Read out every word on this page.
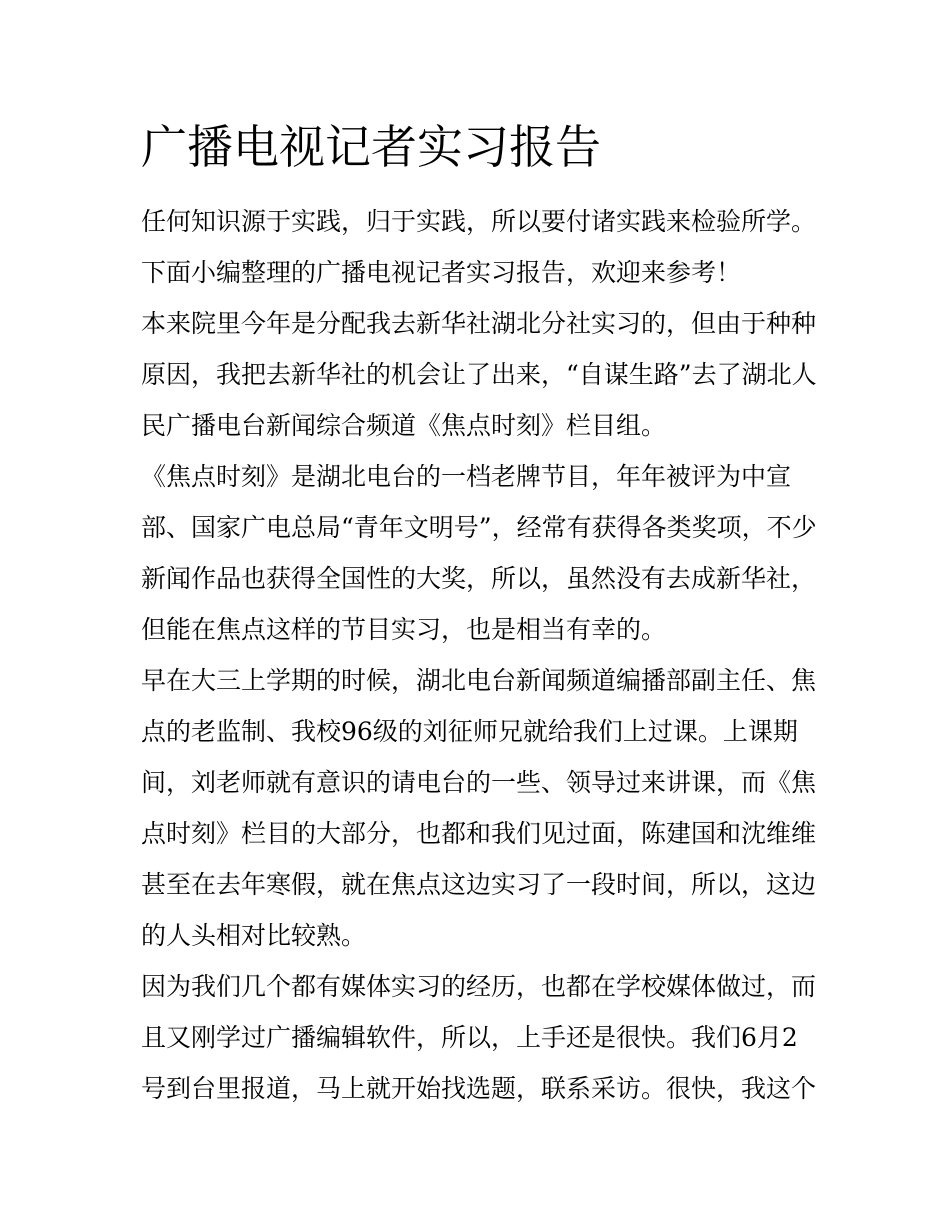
广播电视记者实习报告

任何知识源于实践，归于实践，所以要付诸实践来检验所学。

下面小编整理的广播电视记者实习报告，欢迎来参考！

本来院里今年是分配我去新华社湖北分社实习的，但由于种种

原因，我把去新华社的机会让了出来，“自谋生路”去了湖北人

民广播电台新闻综合频道《焦点时刻》栏目组。

《焦点时刻》是湖北电台的一档老牌节目，年年被评为中宣

部、国家广电总局“青年文明号”，经常有获得各类奖项，不少

新闻作品也获得全国性的大奖，所以，虽然没有去成新华社，

但能在焦点这样的节目实习，也是相当有幸的。

早在大三上学期的时候，湖北电台新闻频道编播部副主任、焦

点的老监制、我校96级的刘征师兄就给我们上过课。上课期

间，刘老师就有意识的请电台的一些、领导过来讲课，而《焦

点时刻》栏目的大部分，也都和我们见过面，陈建国和沈维维

甚至在去年寒假，就在焦点这边实习了一段时间，所以，这边

的人头相对比较熟。

因为我们几个都有媒体实习的经历，也都在学校媒体做过，而

且又刚学过广播编辑软件，所以，上手还是很快。我们6月2

号到台里报道，马上就开始找选题，联系采访。很快，我这个
